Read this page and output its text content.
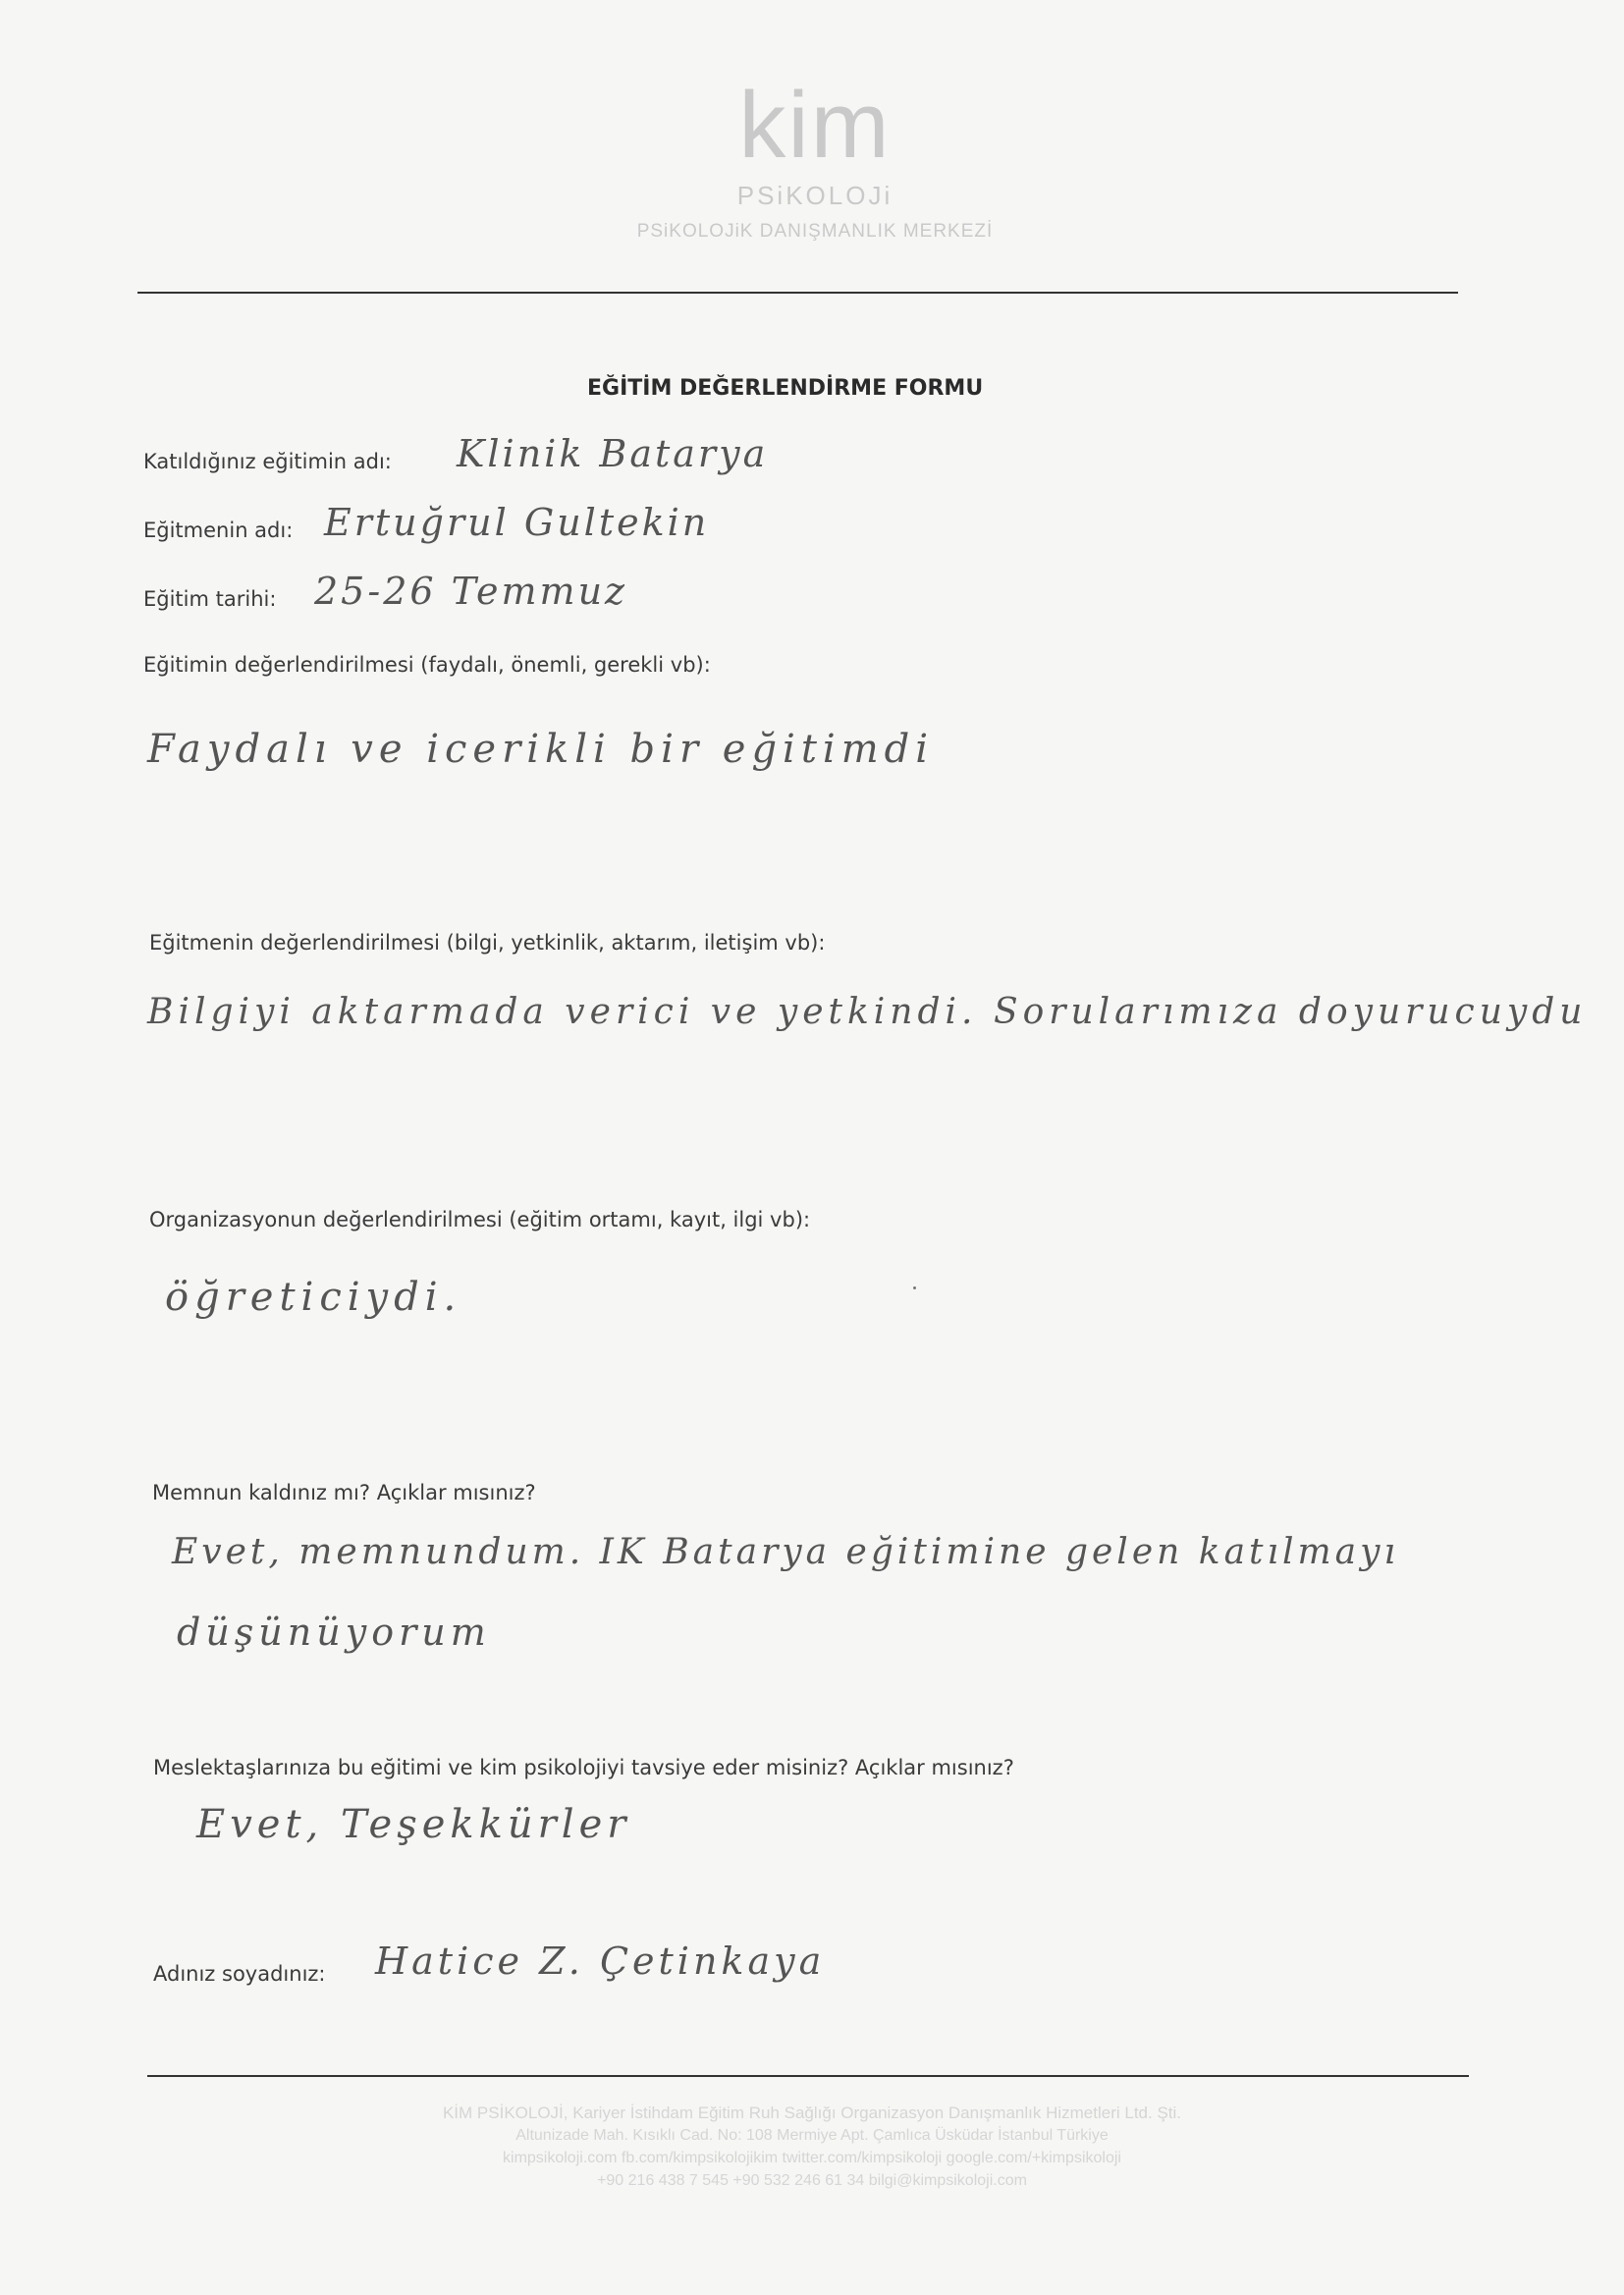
kim
PSiKOLOJi
PSiKOLOJiK DANIŞMANLIK MERKEZİ
EĞİTİM DEĞERLENDİRME FORMU
Katıldığınız eğitimin adı: Klinik Batarya
Eğitmenin adı: Ertuğrul Gultekin
Eğitim tarihi: 25-26 Temmuz
Eğitimin değerlendirilmesi (faydalı, önemli, gerekli vb):
Faydalı ve icerikli bir eğitimdi
Eğitmenin değerlendirilmesi (bilgi, yetkinlik, aktarım, iletişim vb):
Bilgiyi aktarmada verici ve yetkindi. Sorularımıza doyurucuydu
Organizasyonun değerlendirilmesi (eğitim ortamı, kayıt, ilgi vb):
öğreticiydi.
Memnun kaldınız mı? Açıklar mısınız?
Evet, memnundum. IK Batarya eğitimine gelen katılmayı
düşünüyorum
Meslektaşlarınıza bu eğitimi ve kim psikolojiyi tavsiye eder misiniz? Açıklar mısınız?
Evet, Teşekkürler
Adınız soyadınız: Hatice Z. Çetinkaya
KİM PSİKOLOJİ, Kariyer İstihdam Eğitim Ruh Sağlığı Organizasyon Danışmanlık Hizmetleri Ltd. Şti.
Altunizade Mah. Kısıklı Cad. No: 108 Mermiye Apt. Çamlıca Üsküdar İstanbul Türkiye
kimpsikoloji.com fb.com/kimpsikolojikim twitter.com/kimpsikoloji google.com/+kimpsikoloji
+90 216 438 7 545 +90 532 246 61 34 bilgi@kimpsikoloji.com
